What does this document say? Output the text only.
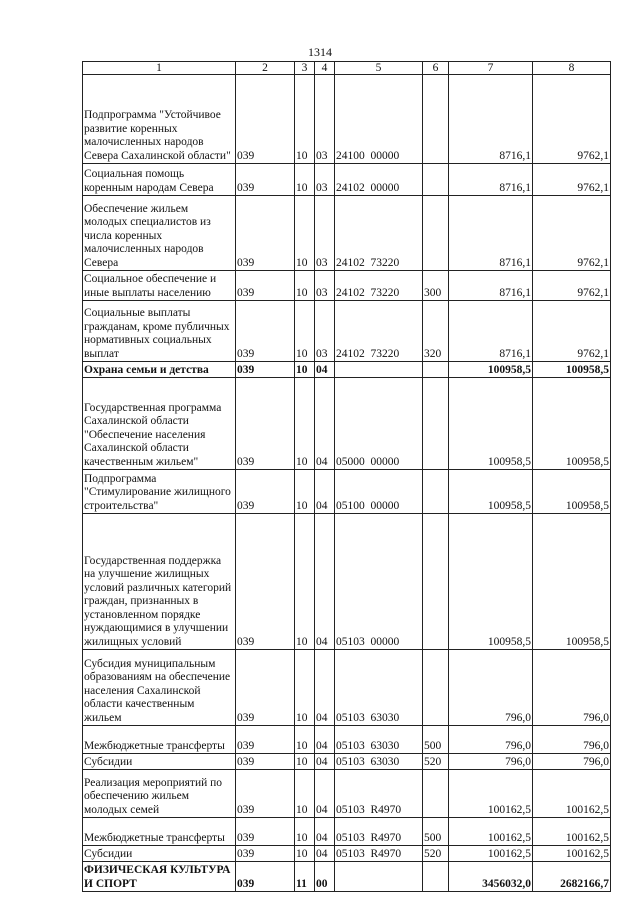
1314
1	2	3	4	5	6	7	8
Подпрограмма "Устойчивое развитие коренных малочисленных народов Севера Сахалинской области"	039	10	03	24100  00000		8716,1	9762,1
Социальная помощь коренным народам Севера	039	10	03	24102  00000		8716,1	9762,1
Обеспечение жильем молодых специалистов из числа коренных малочисленных народов Севера	039	10	03	24102  73220		8716,1	9762,1
Социальное обеспечение и иные выплаты населению	039	10	03	24102  73220	300	8716,1	9762,1
Социальные выплаты гражданам, кроме публичных нормативных социальных выплат	039	10	03	24102  73220	320	8716,1	9762,1
Охрана семьи и детства	039	10	04			100958,5	100958,5
Государственная программа Сахалинской области "Обеспечение населения Сахалинской области качественным жильем"	039	10	04	05000  00000		100958,5	100958,5
Подпрограмма "Стимулирование жилищного строительства"	039	10	04	05100  00000		100958,5	100958,5
Государственная поддержка на улучшение жилищных условий различных категорий граждан, признанных в установленном порядке нуждающимися в улучшении жилищных условий	039	10	04	05103  00000		100958,5	100958,5
Субсидия муниципальным образованиям на обеспечение населения Сахалинской области качественным жильем	039	10	04	05103  63030		796,0	796,0
Межбюджетные трансферты	039	10	04	05103  63030	500	796,0	796,0
Субсидии	039	10	04	05103  63030	520	796,0	796,0
Реализация мероприятий по обеспечению жильем молодых семей	039	10	04	05103  R4970		100162,5	100162,5
Межбюджетные трансферты	039	10	04	05103  R4970	500	100162,5	100162,5
Субсидии	039	10	04	05103  R4970	520	100162,5	100162,5
ФИЗИЧЕСКАЯ КУЛЬТУРА И СПОРТ	039	11	00			3456032,0	2682166,7
